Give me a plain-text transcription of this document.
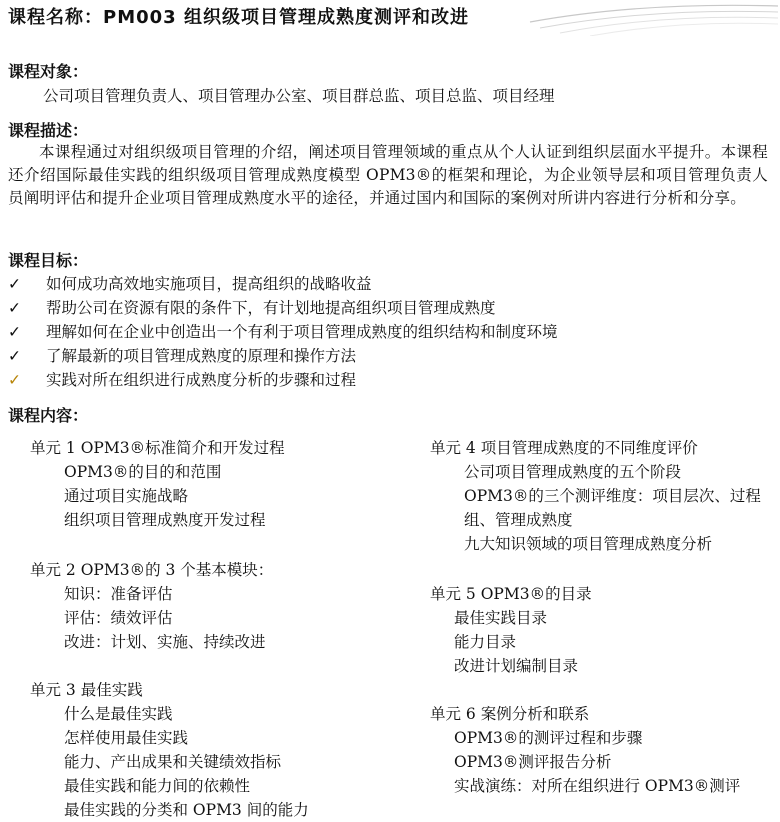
课程名称：PM003 组织级项目管理成熟度测评和改进
课程对象：
公司项目管理负责人、项目管理办公室、项目群总监、项目总监、项目经理
课程描述：
本课程通过对组织级项目管理的介绍，阐述项目管理领域的重点从个人认证到组织层面水平提升。本课程还介绍国际最佳实践的组织级项目管理成熟度模型 OPM3®的框架和理论，为企业领导层和项目管理负责人员阐明评估和提升企业项目管理成熟度水平的途径，并通过国内和国际的案例对所讲内容进行分析和分享。
课程目标：
✓ 如何成功高效地实施项目，提高组织的战略收益
✓ 帮助公司在资源有限的条件下，有计划地提高组织项目管理成熟度
✓ 理解如何在企业中创造出一个有利于项目管理成熟度的组织结构和制度环境
✓ 了解最新的项目管理成熟度的原理和操作方法
✓ 实践对所在组织进行成熟度分析的步骤和过程
课程内容：
单元 1 OPM3®标准简介和开发过程
OPM3®的目的和范围
通过项目实施战略
组织项目管理成熟度开发过程
单元 2 OPM3®的 3 个基本模块：
知识：准备评估
评估：绩效评估
改进：计划、实施、持续改进
单元 3 最佳实践
什么是最佳实践
怎样使用最佳实践
能力、产出成果和关键绩效指标
最佳实践和能力间的依赖性
最佳实践的分类和 OPM3 间的能力
单元 4 项目管理成熟度的不同维度评价
公司项目管理成熟度的五个阶段
OPM3®的三个测评维度：项目层次、过程组、管理成熟度
九大知识领域的项目管理成熟度分析
单元 5 OPM3®的目录
最佳实践目录
能力目录
改进计划编制目录
单元 6 案例分析和联系
OPM3®的测评过程和步骤
OPM3®测评报告分析
实战演练：对所在组织进行 OPM3®测评
